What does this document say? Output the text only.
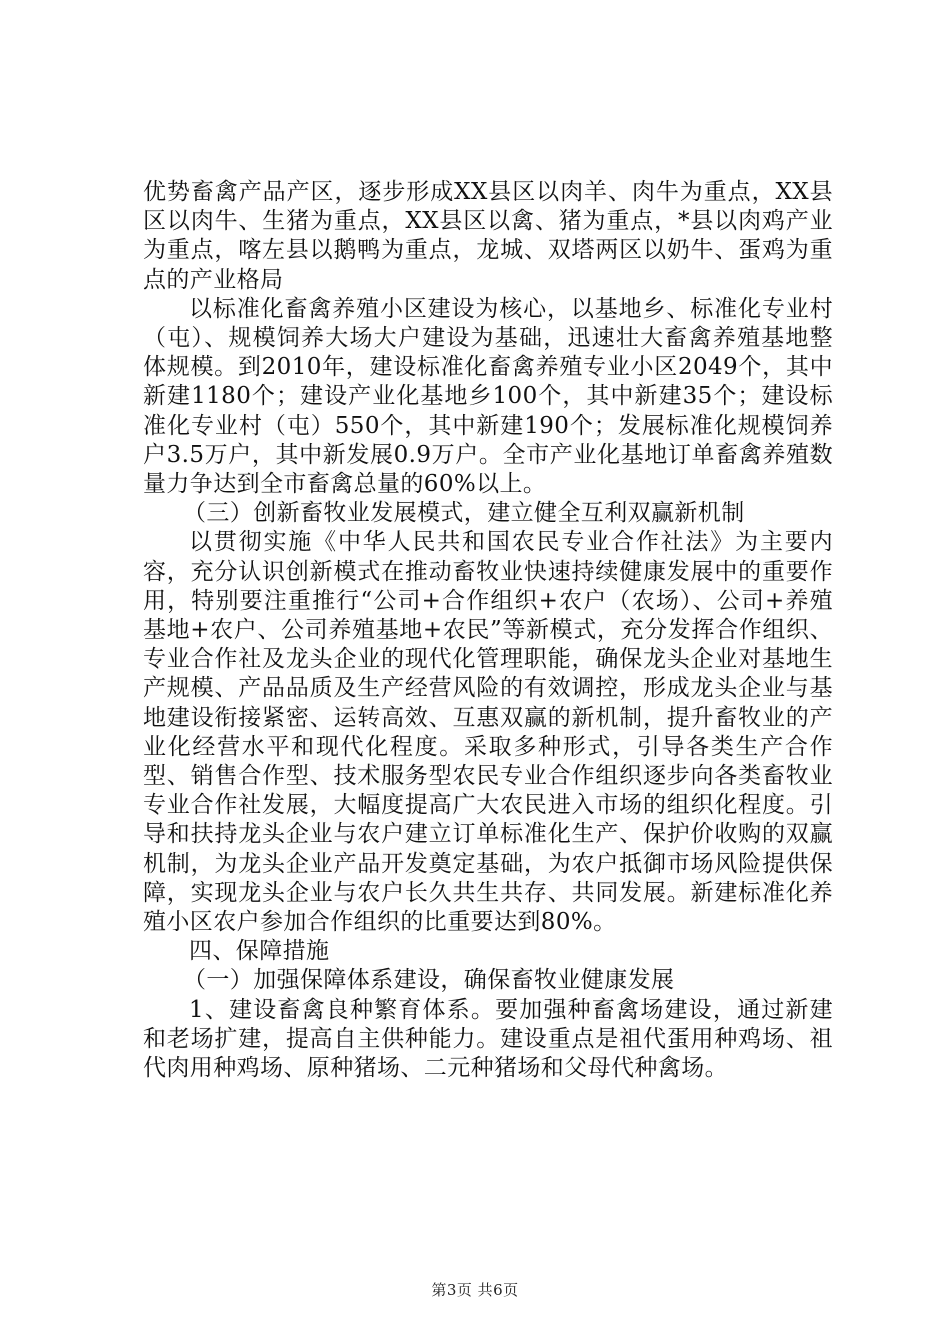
优势畜禽产品产区，逐步形成XX县区以肉羊、肉牛为重点，XX县区以肉牛、生猪为重点，XX县区以禽、猪为重点，*县以肉鸡产业为重点，喀左县以鹅鸭为重点，龙城、双塔两区以奶牛、蛋鸡为重点的产业格局

以标准化畜禽养殖小区建设为核心，以基地乡、标准化专业村（屯）、规模饲养大场大户建设为基础，迅速壮大畜禽养殖基地整体规模。到2010年，建设标准化畜禽养殖专业小区2049个，其中新建1180个；建设产业化基地乡100个，其中新建35个；建设标准化专业村（屯）550个，其中新建190个；发展标准化规模饲养户3.5万户，其中新发展0.9万户。全市产业化基地订单畜禽养殖数量力争达到全市畜禽总量的60%以上。

（三）创新畜牧业发展模式，建立健全互利双赢新机制

以贯彻实施《中华人民共和国农民专业合作社法》为主要内容，充分认识创新模式在推动畜牧业快速持续健康发展中的重要作用，特别要注重推行“公司+合作组织+农户（农场）、公司+养殖基地+农户、公司养殖基地+农民”等新模式，充分发挥合作组织、专业合作社及龙头企业的现代化管理职能，确保龙头企业对基地生产规模、产品品质及生产经营风险的有效调控，形成龙头企业与基地建设衔接紧密、运转高效、互惠双赢的新机制，提升畜牧业的产业化经营水平和现代化程度。采取多种形式，引导各类生产合作型、销售合作型、技术服务型农民专业合作组织逐步向各类畜牧业专业合作社发展，大幅度提高广大农民进入市场的组织化程度。引导和扶持龙头企业与农户建立订单标准化生产、保护价收购的双赢机制，为龙头企业产品开发奠定基础，为农户抵御市场风险提供保障，实现龙头企业与农户长久共生共存、共同发展。新建标准化养殖小区农户参加合作组织的比重要达到80%。

四、保障措施

（一）加强保障体系建设，确保畜牧业健康发展

1、建设畜禽良种繁育体系。要加强种畜禽场建设，通过新建和老场扩建，提高自主供种能力。建设重点是祖代蛋用种鸡场、祖代肉用种鸡场、原种猪场、二元种猪场和父母代种禽场。

第3页 共6页
